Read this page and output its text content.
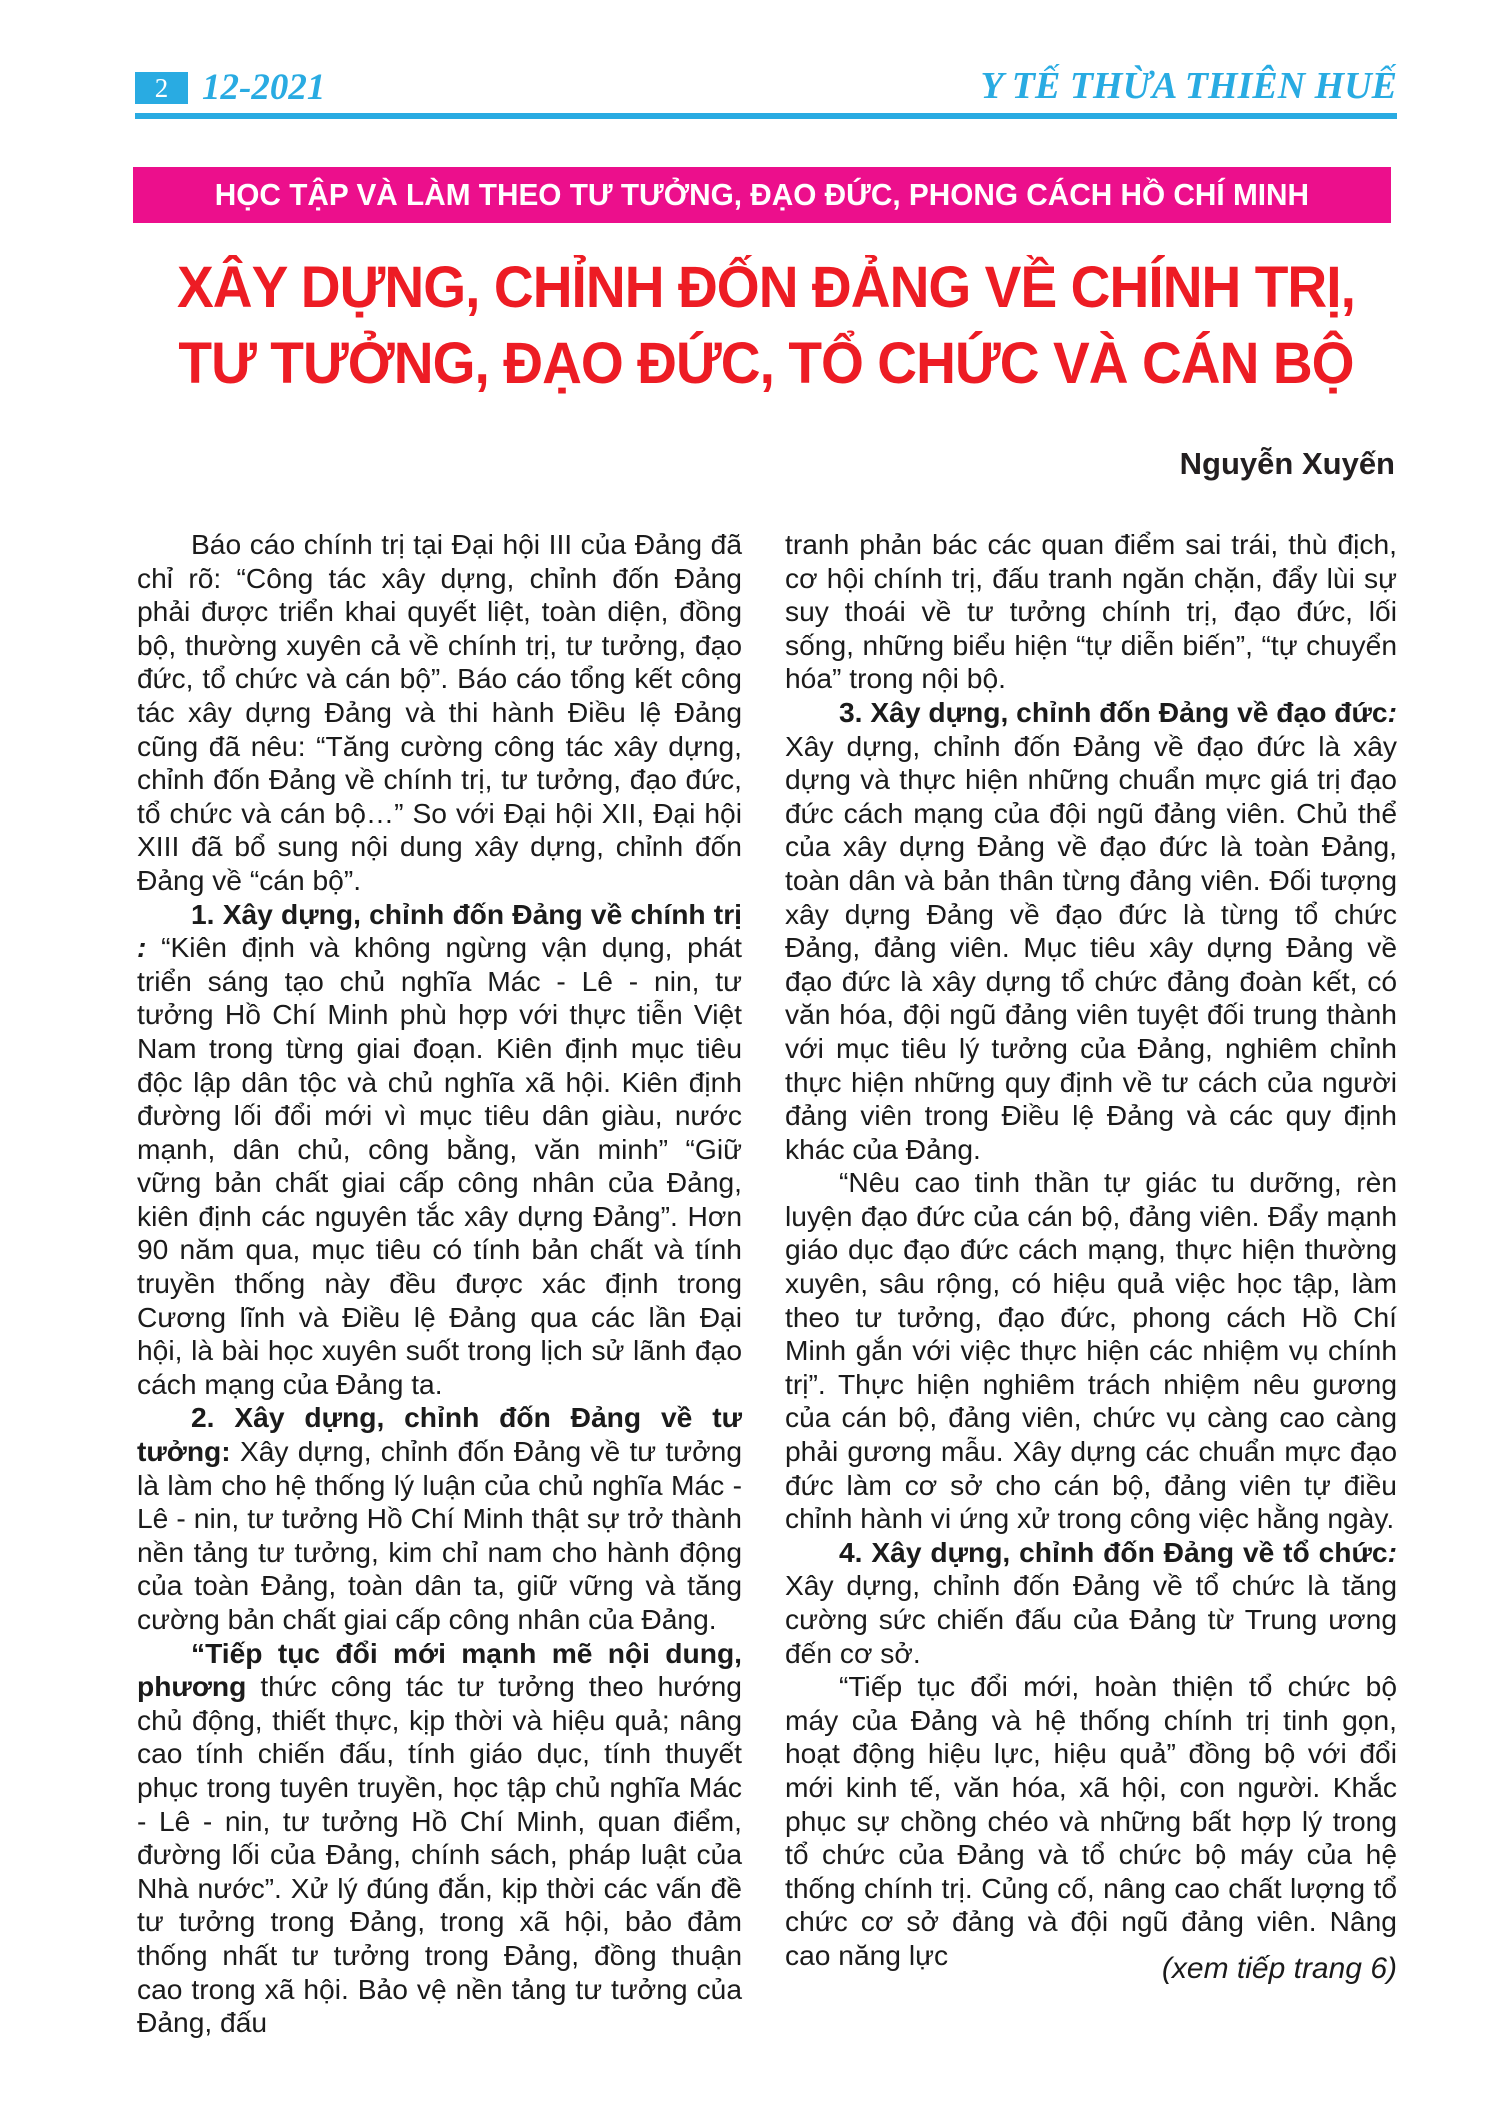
2 12-2021	Y TẾ THỪA THIÊN HUẾ
HỌC TẬP VÀ LÀM THEO TƯ TƯỞNG, ĐẠO ĐỨC, PHONG CÁCH HỒ CHÍ MINH
XÂY DỰNG, CHỈNH ĐỐN ĐẢNG VỀ CHÍNH TRỊ,
TƯ TƯỞNG, ĐẠO ĐỨC, TỔ CHỨC VÀ CÁN BỘ
Nguyễn Xuyến

Báo cáo chính trị tại Đại hội III của Đảng đã chỉ rõ: “Công tác xây dựng, chỉnh đốn Đảng phải được triển khai quyết liệt, toàn diện, đồng bộ, thường xuyên cả về chính trị, tư tưởng, đạo đức, tổ chức và cán bộ”. Báo cáo tổng kết công tác xây dựng Đảng và thi hành Điều lệ Đảng cũng đã nêu: “Tăng cường công tác xây dựng, chỉnh đốn Đảng về chính trị, tư tưởng, đạo đức, tổ chức và cán bộ…” So với Đại hội XII, Đại hội XIII đã bổ sung nội dung xây dựng, chỉnh đốn Đảng về “cán bộ”.

1. Xây dựng, chỉnh đốn Đảng về chính trị : “Kiên định và không ngừng vận dụng, phát triển sáng tạo chủ nghĩa Mác - Lê - nin, tư tưởng Hồ Chí Minh phù hợp với thực tiễn Việt Nam trong từng giai đoạn. Kiên định mục tiêu độc lập dân tộc và chủ nghĩa xã hội. Kiên định đường lối đổi mới vì mục tiêu dân giàu, nước mạnh, dân chủ, công bằng, văn minh” “Giữ vững bản chất giai cấp công nhân của Đảng, kiên định các nguyên tắc xây dựng Đảng”. Hơn 90 năm qua, mục tiêu có tính bản chất và tính truyền thống này đều được xác định trong Cương lĩnh và Điều lệ Đảng qua các lần Đại hội, là bài học xuyên suốt trong lịch sử lãnh đạo cách mạng của Đảng ta.

2. Xây dựng, chỉnh đốn Đảng về tư tưởng: Xây dựng, chỉnh đốn Đảng về tư tưởng là làm cho hệ thống lý luận của chủ nghĩa Mác - Lê - nin, tư tưởng Hồ Chí Minh thật sự trở thành nền tảng tư tưởng, kim chỉ nam cho hành động của toàn Đảng, toàn dân ta, giữ vững và tăng cường bản chất giai cấp công nhân của Đảng.

“Tiếp tục đổi mới mạnh mẽ nội dung, phương thức công tác tư tưởng theo hướng chủ động, thiết thực, kịp thời và hiệu quả; nâng cao tính chiến đấu, tính giáo dục, tính thuyết phục trong tuyên truyền, học tập chủ nghĩa Mác - Lê - nin, tư tưởng Hồ Chí Minh, quan điểm, đường lối của Đảng, chính sách, pháp luật của Nhà nước”. Xử lý đúng đắn, kịp thời các vấn đề tư tưởng trong Đảng, trong xã hội, bảo đảm thống nhất tư tưởng trong Đảng, đồng thuận cao trong xã hội. Bảo vệ nền tảng tư tưởng của Đảng, đấu

tranh phản bác các quan điểm sai trái, thù địch, cơ hội chính trị, đấu tranh ngăn chặn, đẩy lùi sự suy thoái về tư tưởng chính trị, đạo đức, lối sống, những biểu hiện “tự diễn biến”, “tự chuyển hóa” trong nội bộ.

3. Xây dựng, chỉnh đốn Đảng về đạo đức: Xây dựng, chỉnh đốn Đảng về đạo đức là xây dựng và thực hiện những chuẩn mực giá trị đạo đức cách mạng của đội ngũ đảng viên. Chủ thể của xây dựng Đảng về đạo đức là toàn Đảng, toàn dân và bản thân từng đảng viên. Đối tượng xây dựng Đảng về đạo đức là từng tổ chức Đảng, đảng viên. Mục tiêu xây dựng Đảng về đạo đức là xây dựng tổ chức đảng đoàn kết, có văn hóa, đội ngũ đảng viên tuyệt đối trung thành với mục tiêu lý tưởng của Đảng, nghiêm chỉnh thực hiện những quy định về tư cách của người đảng viên trong Điều lệ Đảng và các quy định khác của Đảng.

“Nêu cao tinh thần tự giác tu dưỡng, rèn luyện đạo đức của cán bộ, đảng viên. Đẩy mạnh giáo dục đạo đức cách mạng, thực hiện thường xuyên, sâu rộng, có hiệu quả việc học tập, làm theo tư tưởng, đạo đức, phong cách Hồ Chí Minh gắn với việc thực hiện các nhiệm vụ chính trị”. Thực hiện nghiêm trách nhiệm nêu gương của cán bộ, đảng viên, chức vụ càng cao càng phải gương mẫu. Xây dựng các chuẩn mực đạo đức làm cơ sở cho cán bộ, đảng viên tự điều chỉnh hành vi ứng xử trong công việc hằng ngày.

4. Xây dựng, chỉnh đốn Đảng về tổ chức: Xây dựng, chỉnh đốn Đảng về tổ chức là tăng cường sức chiến đấu của Đảng từ Trung ương đến cơ sở.

“Tiếp tục đổi mới, hoàn thiện tổ chức bộ máy của Đảng và hệ thống chính trị tinh gọn, hoạt động hiệu lực, hiệu quả” đồng bộ với đổi mới kinh tế, văn hóa, xã hội, con người. Khắc phục sự chồng chéo và những bất hợp lý trong tổ chức của Đảng và tổ chức bộ máy của hệ thống chính trị. Củng cố, nâng cao chất lượng tổ chức cơ sở đảng và đội ngũ đảng viên. Nâng cao năng lực	(xem tiếp trang 6)
